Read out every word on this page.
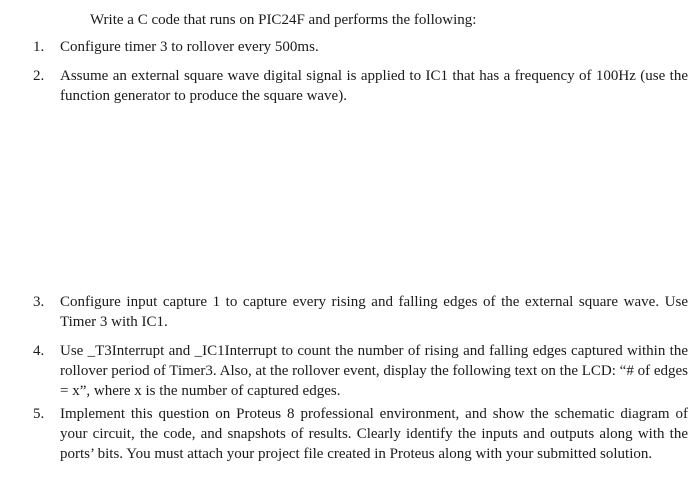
Write a C code that runs on PIC24F and performs the following:
1.	Configure timer 3 to rollover every 500ms.
2.	Assume an external square wave digital signal is applied to IC1 that has a frequency of 100Hz (use the function generator to produce the square wave).
3.	Configure input capture 1 to capture every rising and falling edges of the external square wave. Use Timer 3 with IC1.
4.	Use _T3Interrupt and _IC1Interrupt to count the number of rising and falling edges captured within the rollover period of Timer3. Also, at the rollover event, display the following text on the LCD: “# of edges = x”, where x is the number of captured edges.
5.	Implement this question on Proteus 8 professional environment, and show the schematic diagram of your circuit, the code, and snapshots of results. Clearly identify the inputs and outputs along with the ports’ bits. You must attach your project file created in Proteus along with your submitted solution.
